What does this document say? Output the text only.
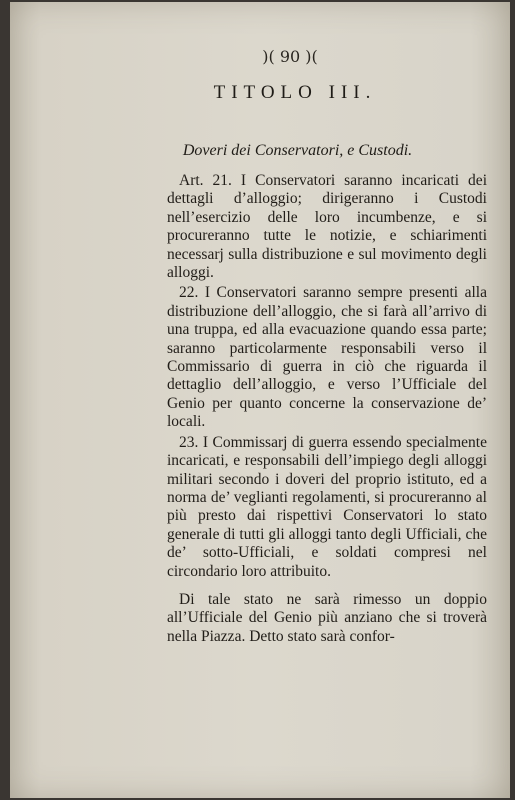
)( 90 )(
TITOLO III.
Doveri dei Conservatori, e Custodi.

Art. 21. I Conservatori saranno incaricati dei dettagli d’alloggio; dirigeranno i Custodi nell’esercizio delle loro incumbenze, e si procureranno tutte le notizie, e schiarimenti necessarj sulla distribuzione e sul movimento degli alloggi.

22. I Conservatori saranno sempre presenti alla distribuzione dell’alloggio, che si farà all’arrivo di una truppa, ed alla evacuazione quando essa parte; saranno particolarmente responsabili verso il Commissario di guerra in ciò che riguarda il dettaglio dell’alloggio, e verso l’Ufficiale del Genio per quanto concerne la conservazione de’ locali.

23. I Commissarj di guerra essendo specialmente incaricati, e responsabili dell’impiego degli alloggi militari secondo i doveri del proprio istituto, ed a norma de’ veglianti regolamenti, si procureranno al più presto dai rispettivi Conservatori lo stato generale di tutti gli alloggi tanto degli Ufficiali, che de’ sotto-Ufficiali, e soldati compresi nel circondario loro attribuito.

Di tale stato ne sarà rimesso un doppio all’Ufficiale del Genio più anziano che si troverà nella Piazza. Detto stato sarà confor-
